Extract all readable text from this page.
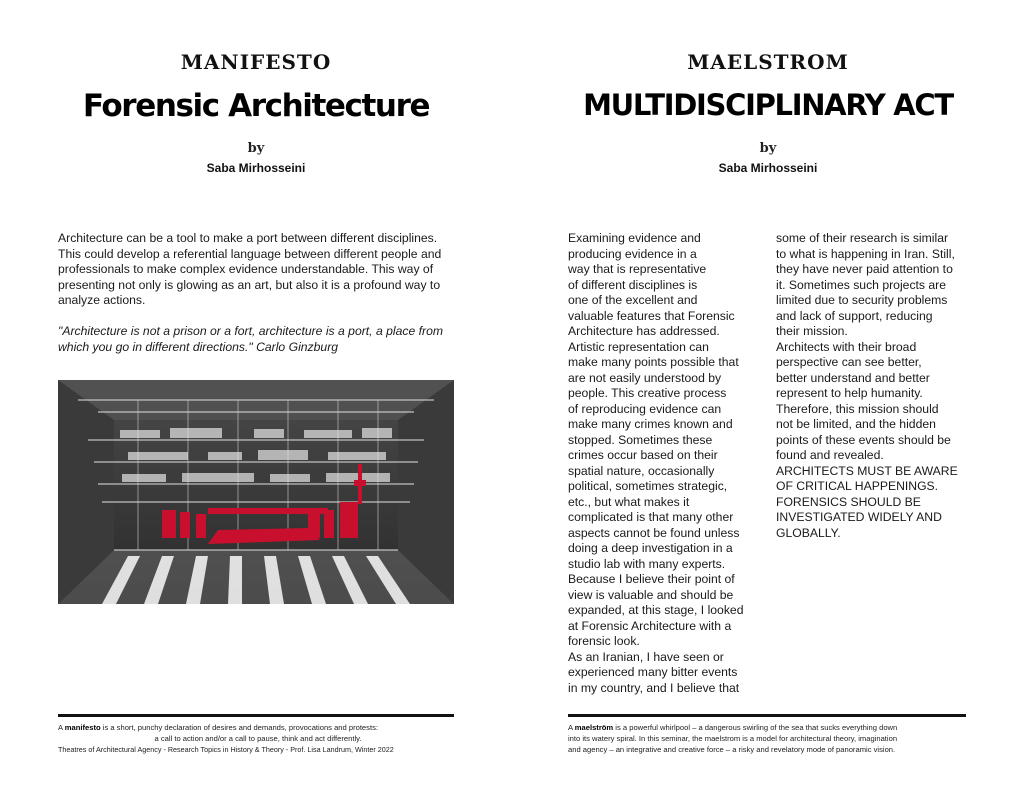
MANIFESTO
Forensic Architecture
by
Saba Mirhosseini

Architecture can be a tool to make a port between different disciplines. This could develop a referential language between different people and professionals to make complex evidence understandable. This way of presenting not only is glowing as an art, but also it is a profound way to analyze actions.

"Architecture is not a prison or a fort, architecture is a port, a place from which you go in different directions." Carlo Ginzburg

A manifesto is a short, punchy declaration of desires and demands, provocations and protests:
a call to action and/or a call to pause, think and act differently.
Theatres of Architectural Agency - Research Topics in History & Theory - Prof. Lisa Landrum, Winter 2022
MAELSTROM
MULTIDISCIPLINARY ACT
by
Saba Mirhosseini

Examining evidence and
producing evidence in a
way that is representative
of different disciplines is
one of the excellent and
valuable features that Forensic
Architecture has addressed.
Artistic representation can
make many points possible that
are not easily understood by
people. This creative process
of reproducing evidence can
make many crimes known and
stopped. Sometimes these
crimes occur based on their
spatial nature, occasionally
political, sometimes strategic,
etc., but what makes it
complicated is that many other
aspects cannot be found unless
doing a deep investigation in a
studio lab with many experts.
Because I believe their point of
view is valuable and should be
expanded, at this stage, I looked
at Forensic Architecture with a
forensic look.
As an Iranian, I have seen or
experienced many bitter events
in my country, and I believe that

some of their research is similar
to what is happening in Iran. Still,
they have never paid attention to
it. Sometimes such projects are
limited due to security problems
and lack of support, reducing
their mission.
Architects with their broad
perspective can see better,
better understand and better
represent to help humanity.
Therefore, this mission should
not be limited, and the hidden
points of these events should be
found and revealed.
ARCHITECTS MUST BE AWARE
OF CRITICAL HAPPENINGS.
FORENSICS SHOULD BE
INVESTIGATED WIDELY AND
GLOBALLY.

A maelström is a powerful whirlpool – a dangerous swirling of the sea that sucks everything down
into its watery spiral. In this seminar, the maelstrom is a model for architectural theory, imagination
and agency – an integrative and creative force – a risky and revelatory mode of panoramic vision.
